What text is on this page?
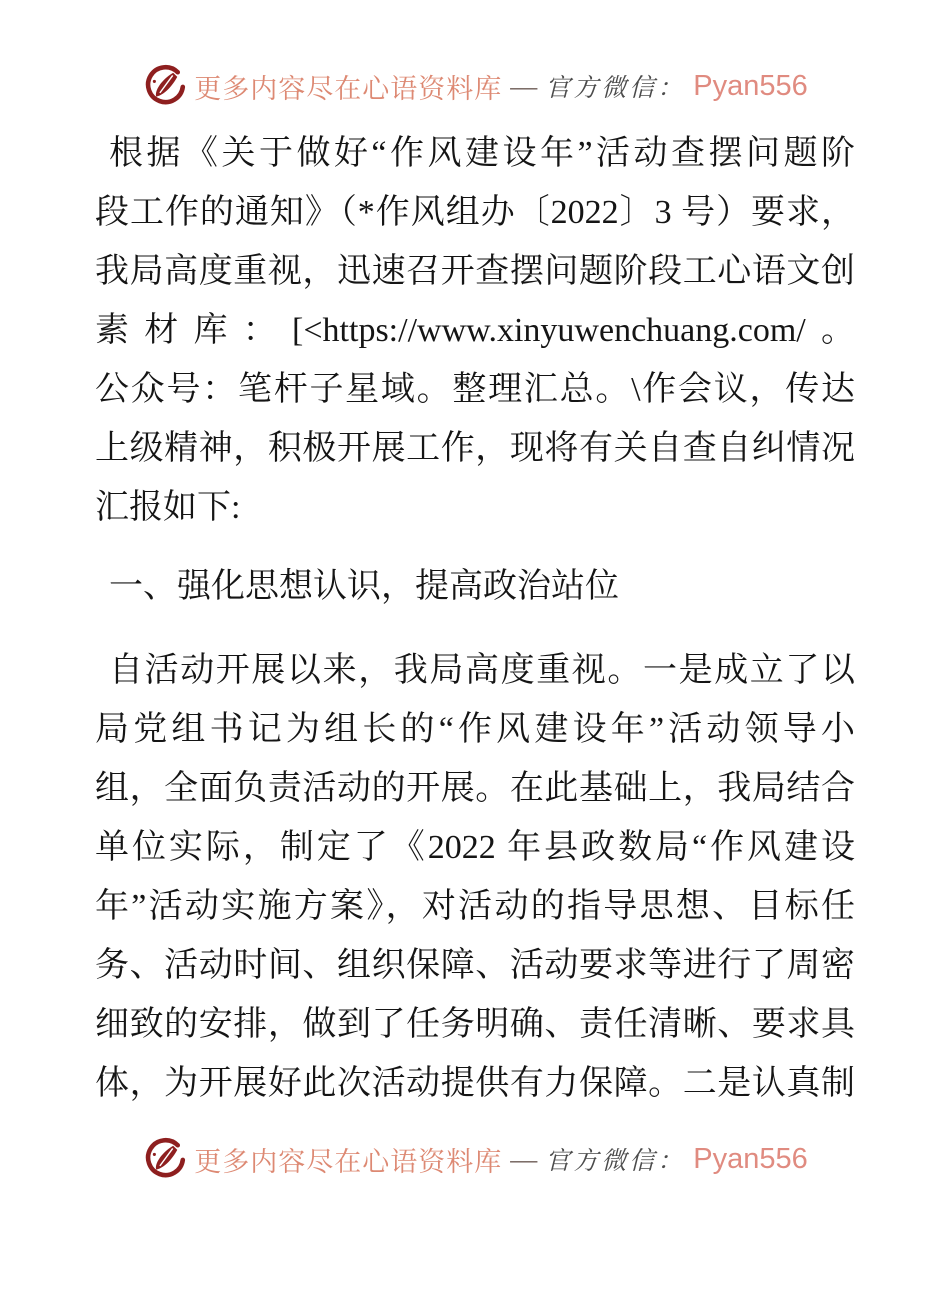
更多内容尽在心语资料库 — 官方微信： Pyan556
根据《关于做好“作风建设年”活动查摆问题阶
段工作的通知》（*作风组办〔2022〕3 号）要求，
我局高度重视，迅速召开查摆问题阶段工心语文创
素材库：[<https://www.xinyuwenchuang.com/。
公众号：笔杆子星域。整理汇总。\作会议，传达
上级精神，积极开展工作，现将有关自查自纠情况
汇报如下:
一、强化思想认识，提高政治站位
自活动开展以来，我局高度重视。一是成立了以
局党组书记为组长的“作风建设年”活动领导小
组，全面负责活动的开展。在此基础上，我局结合
单位实际，制定了《2022 年县政数局“作风建设
年”活动实施方案》，对活动的指导思想、目标任
务、活动时间、组织保障、活动要求等进行了周密
细致的安排，做到了任务明确、责任清晰、要求具
体，为开展好此次活动提供有力保障。二是认真制
更多内容尽在心语资料库 — 官方微信： Pyan556
